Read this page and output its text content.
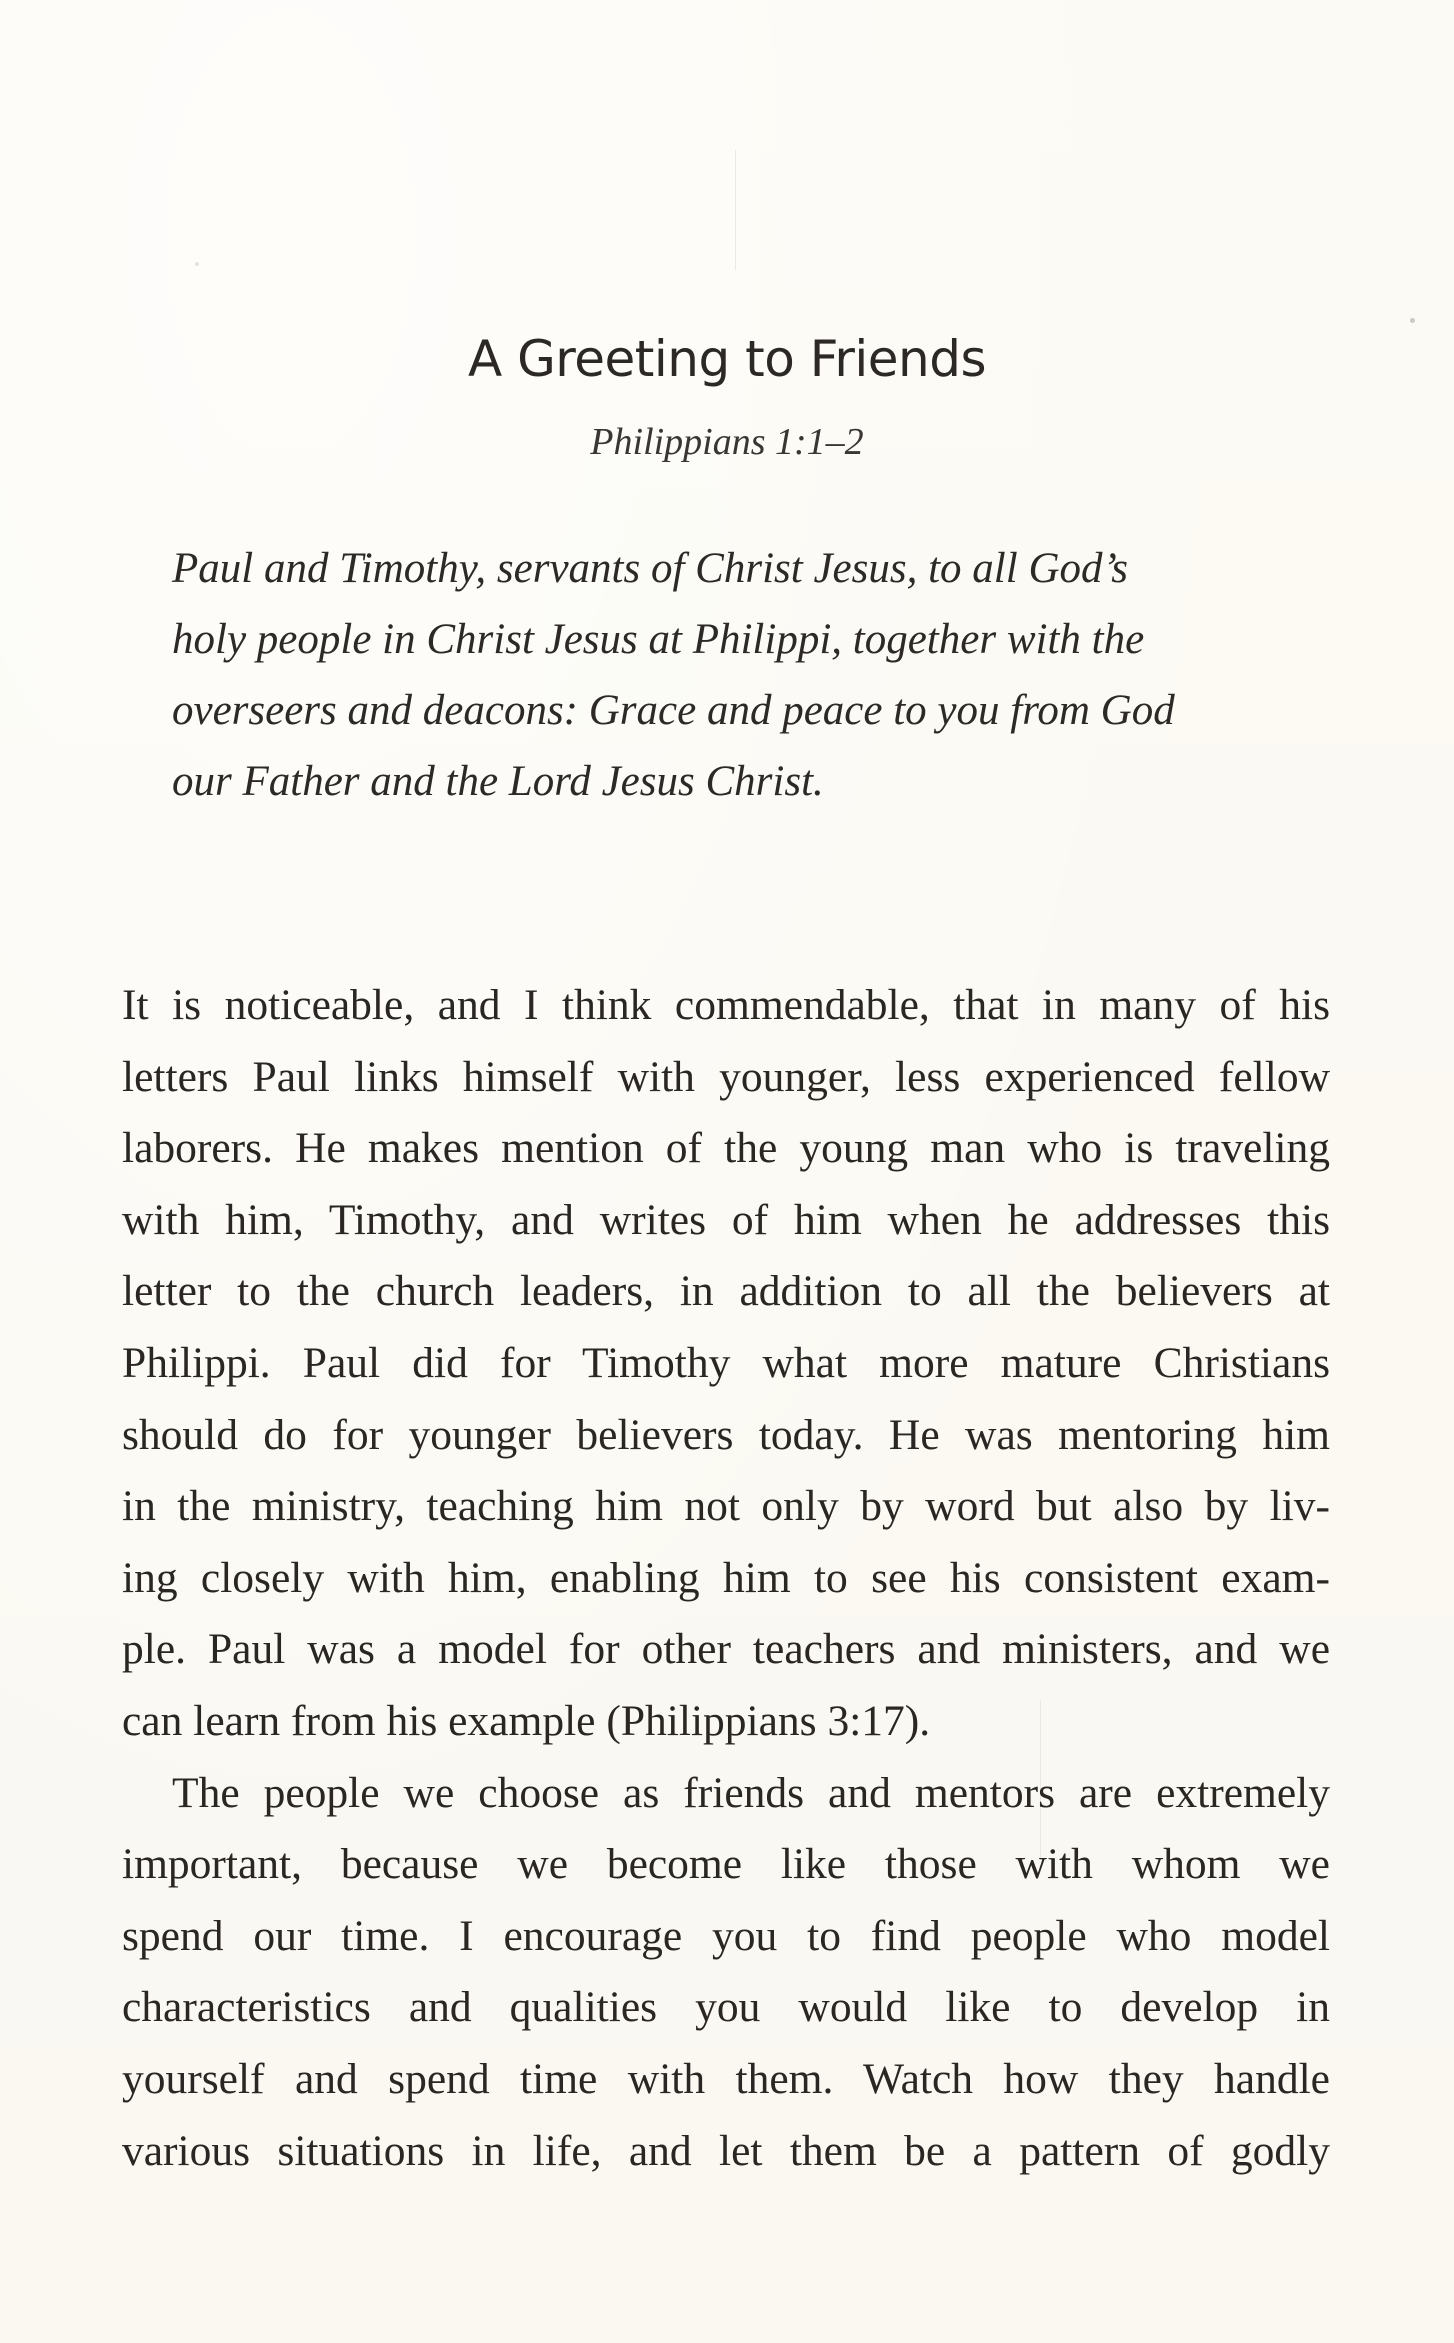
A Greeting to Friends
Philippians 1:1–2
Paul and Timothy, servants of Christ Jesus, to all God’s
holy people in Christ Jesus at Philippi, together with the
overseers and deacons: Grace and peace to you from God
our Father and the Lord Jesus Christ.

It is noticeable, and I think commendable, that in many of his
letters Paul links himself with younger, less experienced fellow
laborers. He makes mention of the young man who is traveling
with him, Timothy, and writes of him when he addresses this
letter to the church leaders, in addition to all the believers at
Philippi. Paul did for Timothy what more mature Christians
should do for younger believers today. He was mentoring him
in the ministry, teaching him not only by word but also by liv-
ing closely with him, enabling him to see his consistent exam-
ple. Paul was a model for other teachers and ministers, and we
can learn from his example (Philippians 3:17).

The people we choose as friends and mentors are extremely
important, because we become like those with whom we
spend our time. I encourage you to find people who model
characteristics and qualities you would like to develop in
yourself and spend time with them. Watch how they handle
various situations in life, and let them be a pattern of godly
